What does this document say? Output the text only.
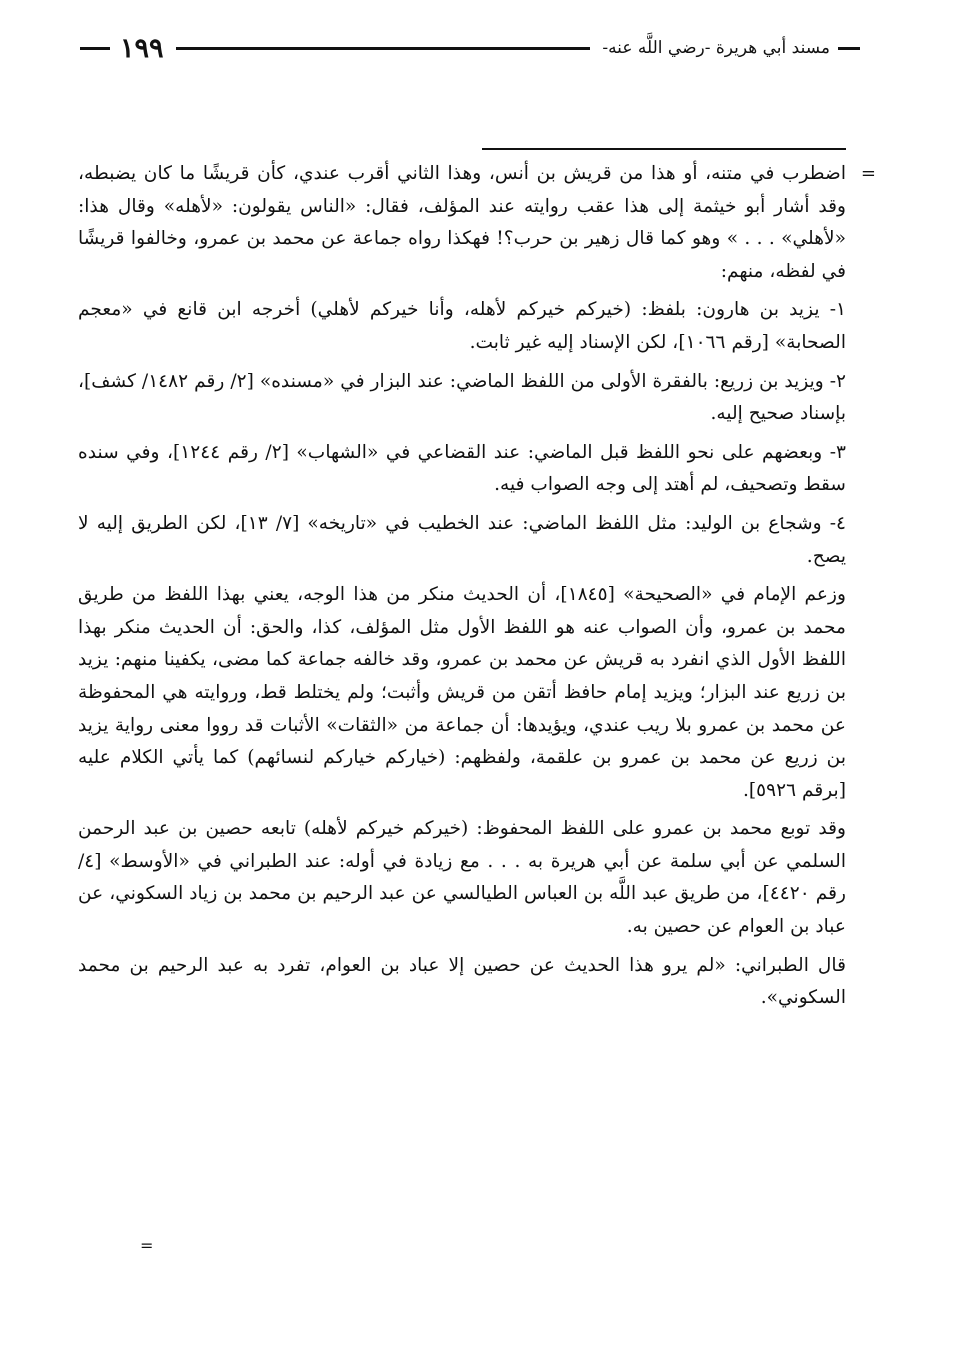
مسند أبي هريرة -رضي اللَّه عنه-
١٩٩

=
اضطرب في متنه، أو هذا من قريش بن أنس، وهذا الثاني أقرب عندي، كأن قريشًا ما كان يضبطه، وقد أشار أبو خيثمة إلى هذا عقب روايته عند المؤلف، فقال: «الناس يقولون: «لأهله» وقال هذا: «لأهلي» . . . » وهو كما قال زهير بن حرب؟! فهكذا رواه جماعة عن محمد بن عمرو، وخالفوا قريشًا في لفظه، منهم:

١- يزيد بن هارون: بلفظ: (خيركم خيركم لأهله، وأنا خيركم لأهلي) أخرجه ابن قانع في «معجم الصحابة» [رقم ١٠٦٦]، لكن الإسناد إليه غير ثابت.

٢- ويزيد بن زريع: بالفقرة الأولى من اللفظ الماضي: عند البزار في «مسنده» [٢/ رقم ١٤٨٢/ كشف]، بإسناد صحيح إليه.

٣- وبعضهم على نحو اللفظ قبل الماضي: عند القضاعي في «الشهاب» [٢/ رقم ١٢٤٤]، وفي سنده سقط وتصحيف، لم أهتد إلى وجه الصواب فيه.

٤- وشجاع بن الوليد: مثل اللفظ الماضي: عند الخطيب في «تاريخه» [٧/ ١٣]، لكن الطريق إليه لا يصح.

وزعم الإمام في «الصحيحة» [١٨٤٥]، أن الحديث منكر من هذا الوجه، يعني بهذا اللفظ من طريق محمد بن عمرو، وأن الصواب عنه هو اللفظ الأول مثل المؤلف، كذا، والحق: أن الحديث منكر بهذا اللفظ الأول الذي انفرد به قريش عن محمد بن عمرو، وقد خالفه جماعة كما مضى، يكفينا منهم: يزيد بن زريع عند البزار؛ ويزيد إمام حافظ أتقن من قريش وأثبت؛ ولم يختلط قط، وروايته هي المحفوظة عن محمد بن عمرو بلا ريب عندي، ويؤيدها: أن جماعة من «الثقات» الأثبات قد رووا معنى رواية يزيد بن زريع عن محمد بن عمرو بن علقمة، ولفظهم: (خياركم خياركم لنسائهم) كما يأتي الكلام عليه [برقم ٥٩٢٦].

وقد توبع محمد بن عمرو على اللفظ المحفوظ: (خيركم خيركم لأهله) تابعه حصين بن عبد الرحمن السلمي عن أبي سلمة عن أبي هريرة به . . . مع زيادة في أوله: عند الطبراني في «الأوسط» [٤/ رقم ٤٤٢٠]، من طريق عبد اللَّه بن العباس الطيالسي عن عبد الرحيم بن محمد بن زياد السكوني، عن عباد بن العوام عن حصين به.

قال الطبراني: «لم يرو هذا الحديث عن حصين إلا عباد بن العوام، تفرد به عبد الرحيم بن محمد السكوني».

=
